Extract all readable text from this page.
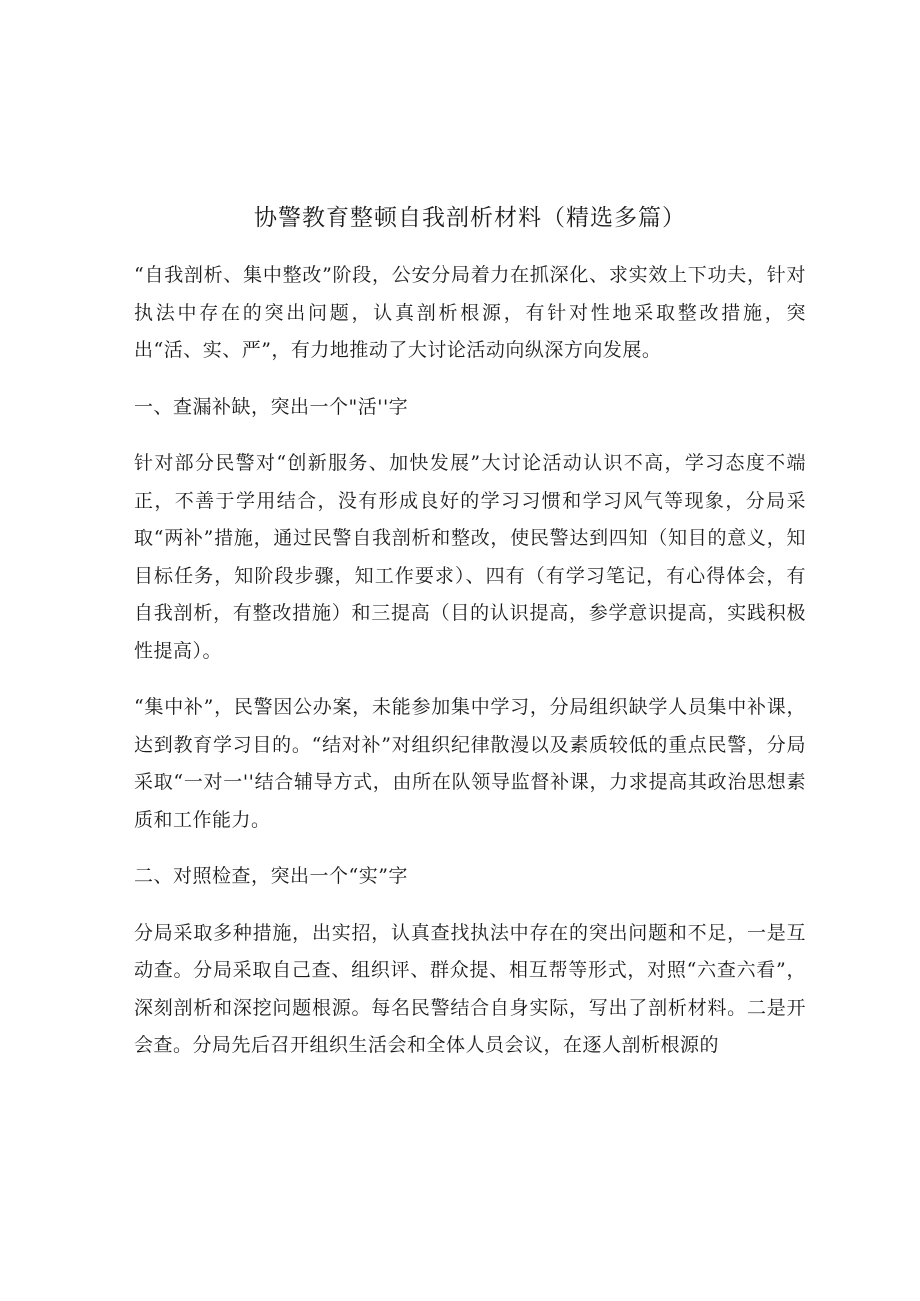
协警教育整顿自我剖析材料（精选多篇）

“自我剖析、集中整改”阶段，公安分局着力在抓深化、求实效上下功夫，针对执法中存在的突出问题，认真剖析根源，有针对性地采取整改措施，突出“活、实、严”，有力地推动了大讨论活动向纵深方向发展。

一、查漏补缺，突出一个"活''字

针对部分民警对“创新服务、加快发展”大讨论活动认识不高，学习态度不端正，不善于学用结合，没有形成良好的学习习惯和学习风气等现象，分局采取“两补”措施，通过民警自我剖析和整改，使民警达到四知（知目的意义，知目标任务，知阶段步骤，知工作要求）、四有（有学习笔记，有心得体会，有自我剖析，有整改措施）和三提高（目的认识提高，参学意识提高，实践积极性提高）。

“集中补”，民警因公办案，未能参加集中学习，分局组织缺学人员集中补课，达到教育学习目的。“结对补”对组织纪律散漫以及素质较低的重点民警，分局采取“一对一''结合辅导方式，由所在队领导监督补课，力求提高其政治思想素质和工作能力。

二、对照检查，突出一个“实”字

分局采取多种措施，出实招，认真查找执法中存在的突出问题和不足，一是互动查。分局采取自己查、组织评、群众提、相互帮等形式，对照“六查六看”，深刻剖析和深挖问题根源。每名民警结合自身实际，写出了剖析材料。二是开会查。分局先后召开组织生活会和全体人员会议，在逐人剖析根源的
